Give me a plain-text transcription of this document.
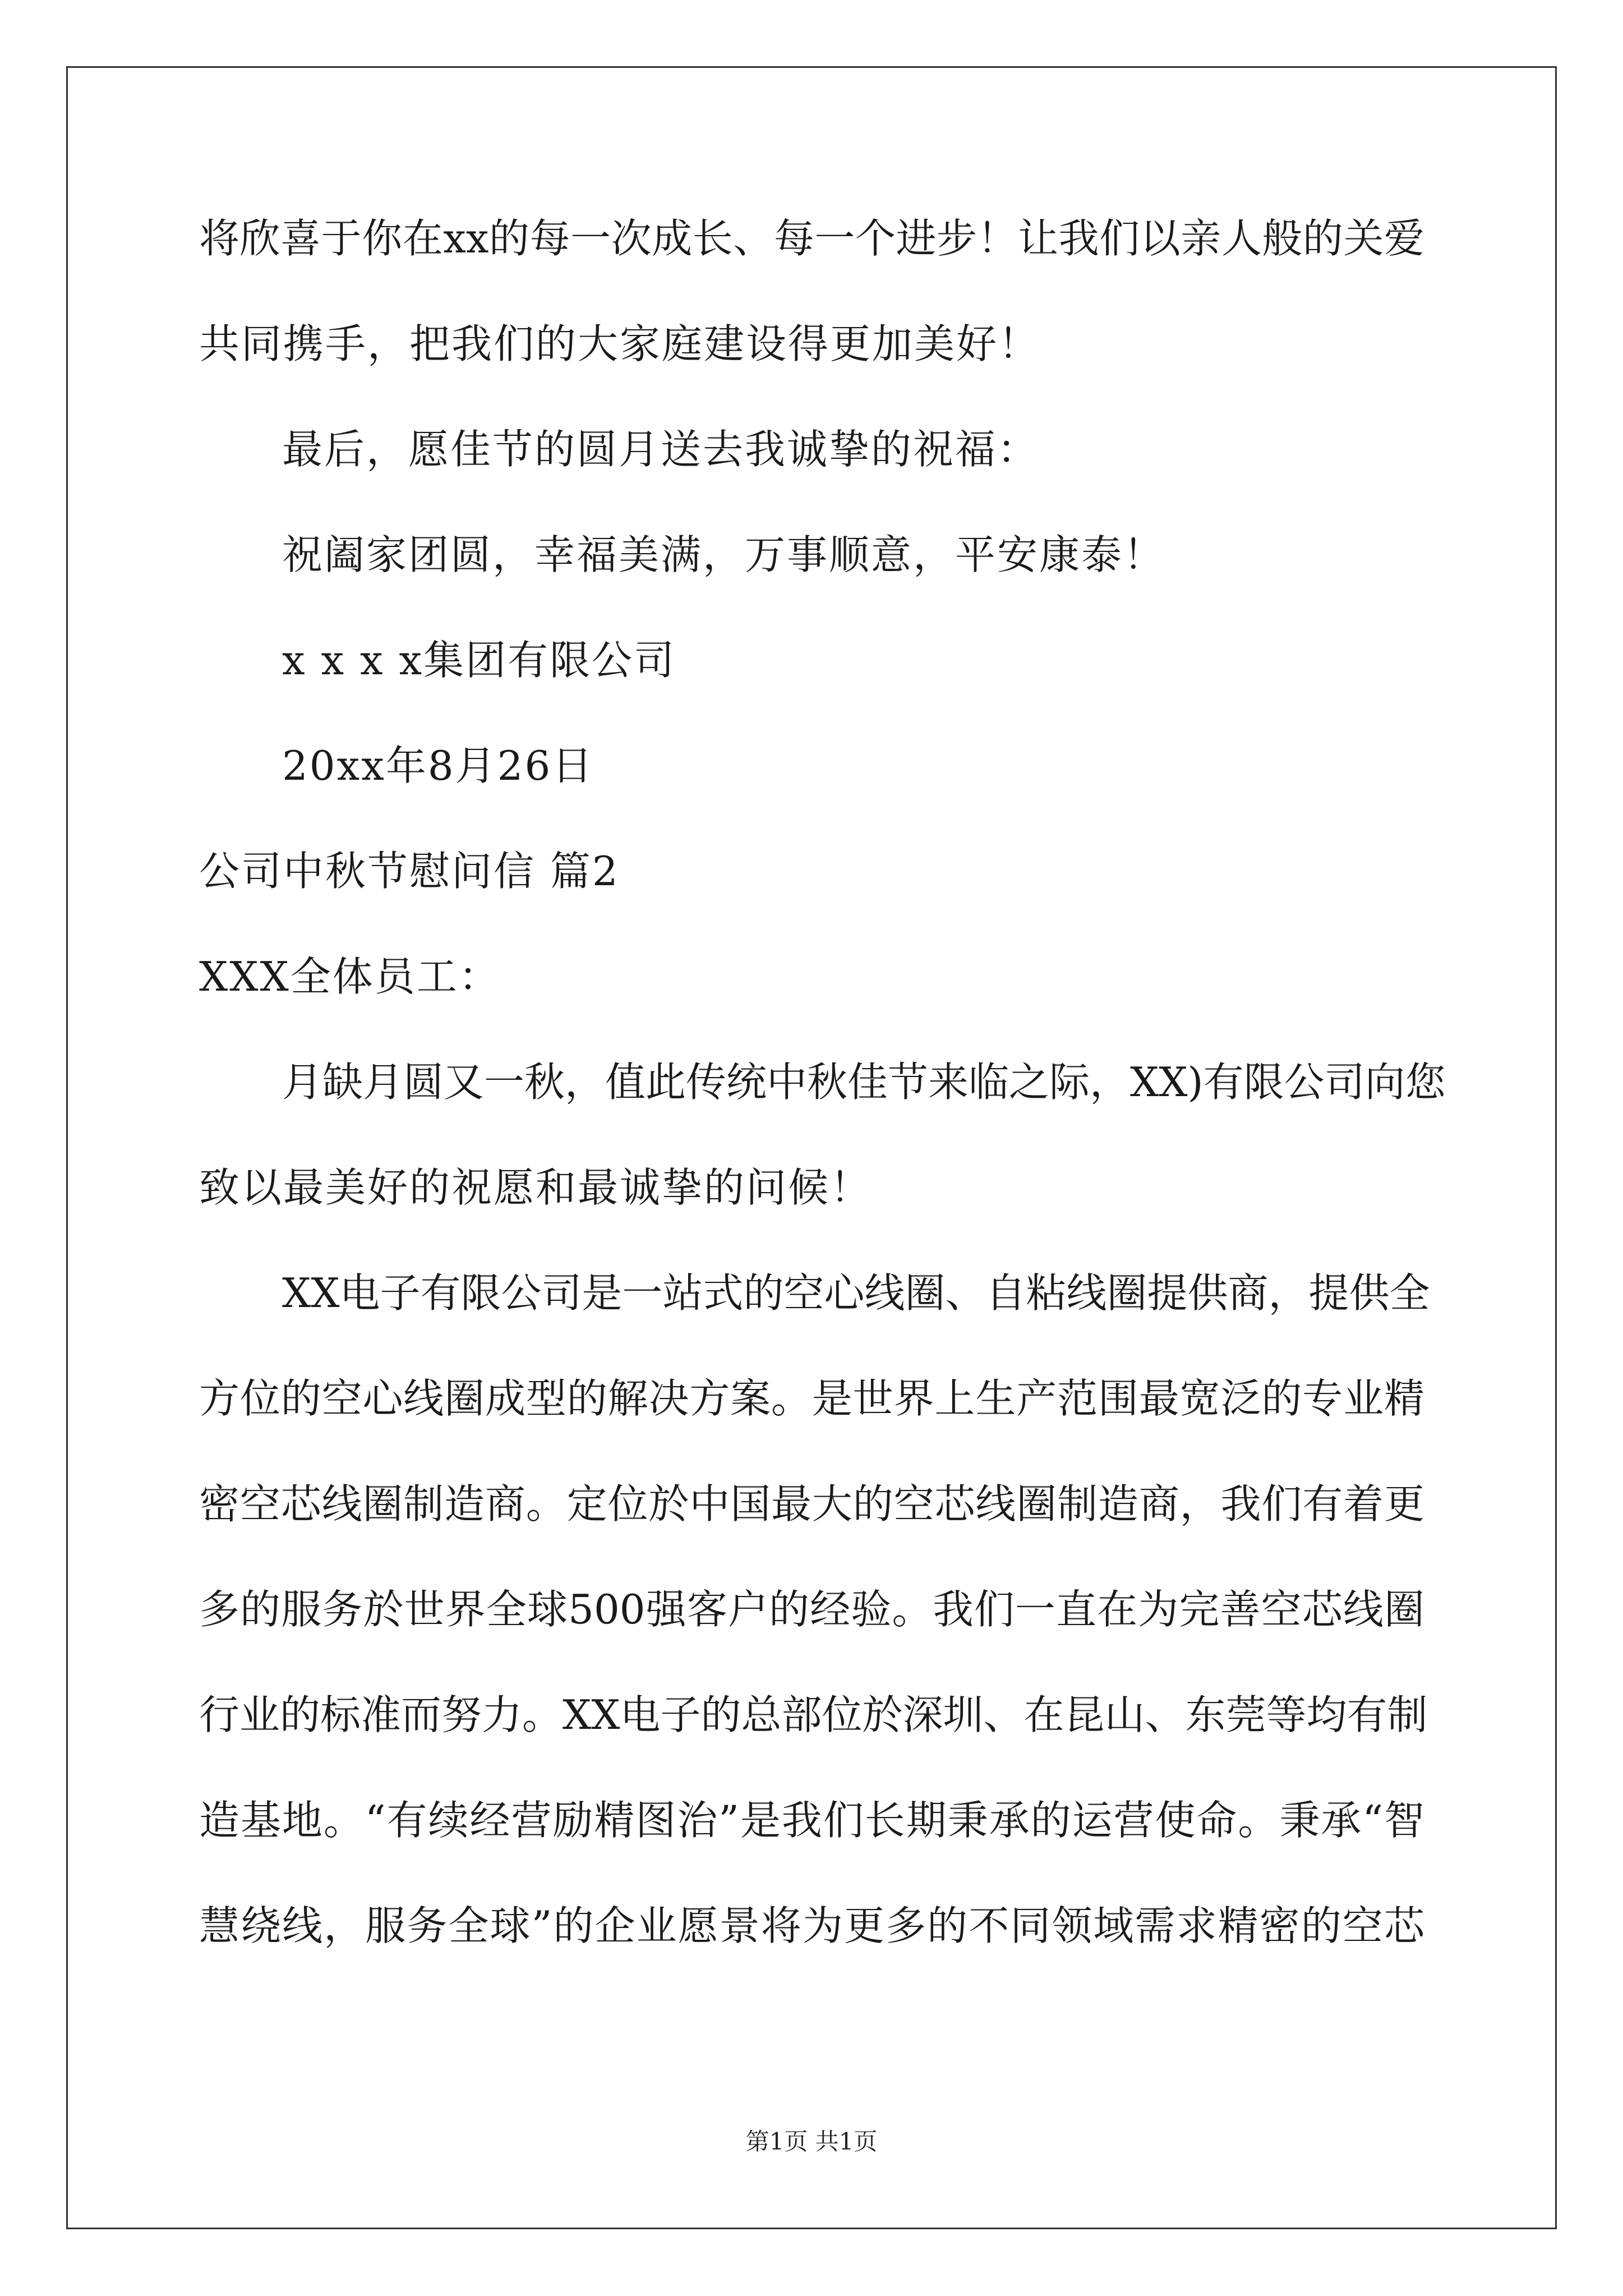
将欣喜于你在xx的每一次成长、每一个进步！让我们以亲人般的关爱
共同携手，把我们的大家庭建设得更加美好！
最后，愿佳节的圆月送去我诚挚的祝福：
祝阖家团圆，幸福美满，万事顺意，平安康泰！
x x x x集团有限公司
20xx年8月26日
公司中秋节慰问信 篇2
XXX全体员工：
月缺月圆又一秋，值此传统中秋佳节来临之际，XX)有限公司向您
致以最美好的祝愿和最诚挚的问候！
XX电子有限公司是一站式的空心线圈、自粘线圈提供商，提供全
方位的空心线圈成型的解决方案。是世界上生产范围最宽泛的专业精
密空芯线圈制造商。定位於中国最大的空芯线圈制造商，我们有着更
多的服务於世界全球500强客户的经验。我们一直在为完善空芯线圈
行业的标准而努力。XX电子的总部位於深圳、在昆山、东莞等均有制
造基地。“有续经营励精图治”是我们长期秉承的运营使命。秉承“智
慧绕线，服务全球”的企业愿景将为更多的不同领域需求精密的空芯
第1页 共1页
